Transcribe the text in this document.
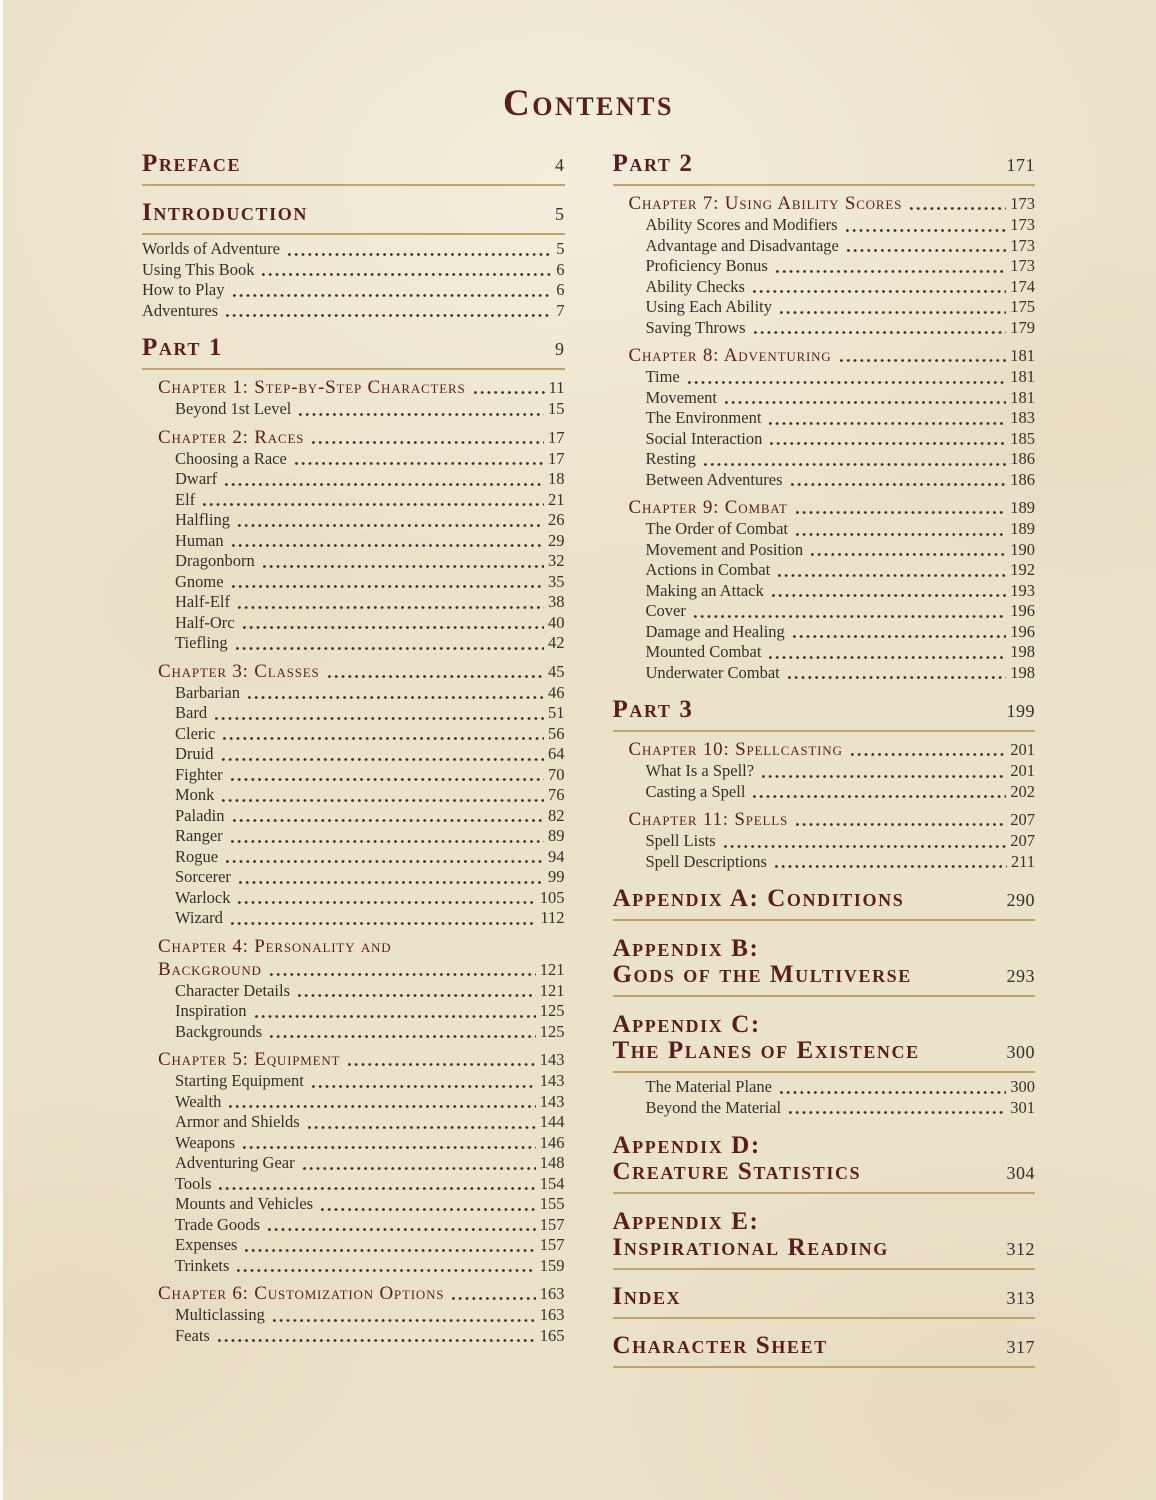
Contents
Preface	4
Introduction	5
Worlds of Adventure	5
Using This Book	6
How to Play	6
Adventures	7
Part 1	9
Chapter 1: Step-by-Step Characters	11
Beyond 1st Level	15
Chapter 2: Races	17
Choosing a Race	17
Dwarf	18
Elf	21
Halfling	26
Human	29
Dragonborn	32
Gnome	35
Half-Elf	38
Half-Orc	40
Tiefling	42
Chapter 3: Classes	45
Barbarian	46
Bard	51
Cleric	56
Druid	64
Fighter	70
Monk	76
Paladin	82
Ranger	89
Rogue	94
Sorcerer	99
Warlock	105
Wizard	112
Chapter 4: Personality and
Background	121
Character Details	121
Inspiration	125
Backgrounds	125
Chapter 5: Equipment	143
Starting Equipment	143
Wealth	143
Armor and Shields	144
Weapons	146
Adventuring Gear	148
Tools	154
Mounts and Vehicles	155
Trade Goods	157
Expenses	157
Trinkets	159
Chapter 6: Customization Options	163
Multiclassing	163
Feats	165
Part 2	171
Chapter 7: Using Ability Scores	173
Ability Scores and Modifiers	173
Advantage and Disadvantage	173
Proficiency Bonus	173
Ability Checks	174
Using Each Ability	175
Saving Throws	179
Chapter 8: Adventuring	181
Time	181
Movement	181
The Environment	183
Social Interaction	185
Resting	186
Between Adventures	186
Chapter 9: Combat	189
The Order of Combat	189
Movement and Position	190
Actions in Combat	192
Making an Attack	193
Cover	196
Damage and Healing	196
Mounted Combat	198
Underwater Combat	198
Part 3	199
Chapter 10: Spellcasting	201
What Is a Spell?	201
Casting a Spell	202
Chapter 11: Spells	207
Spell Lists	207
Spell Descriptions	211
Appendix A: Conditions	290
Appendix B:
Gods of the Multiverse	293
Appendix C:
The Planes of Existence	300
The Material Plane	300
Beyond the Material	301
Appendix D:
Creature Statistics	304
Appendix E:
Inspirational Reading	312
Index	313
Character Sheet	317
